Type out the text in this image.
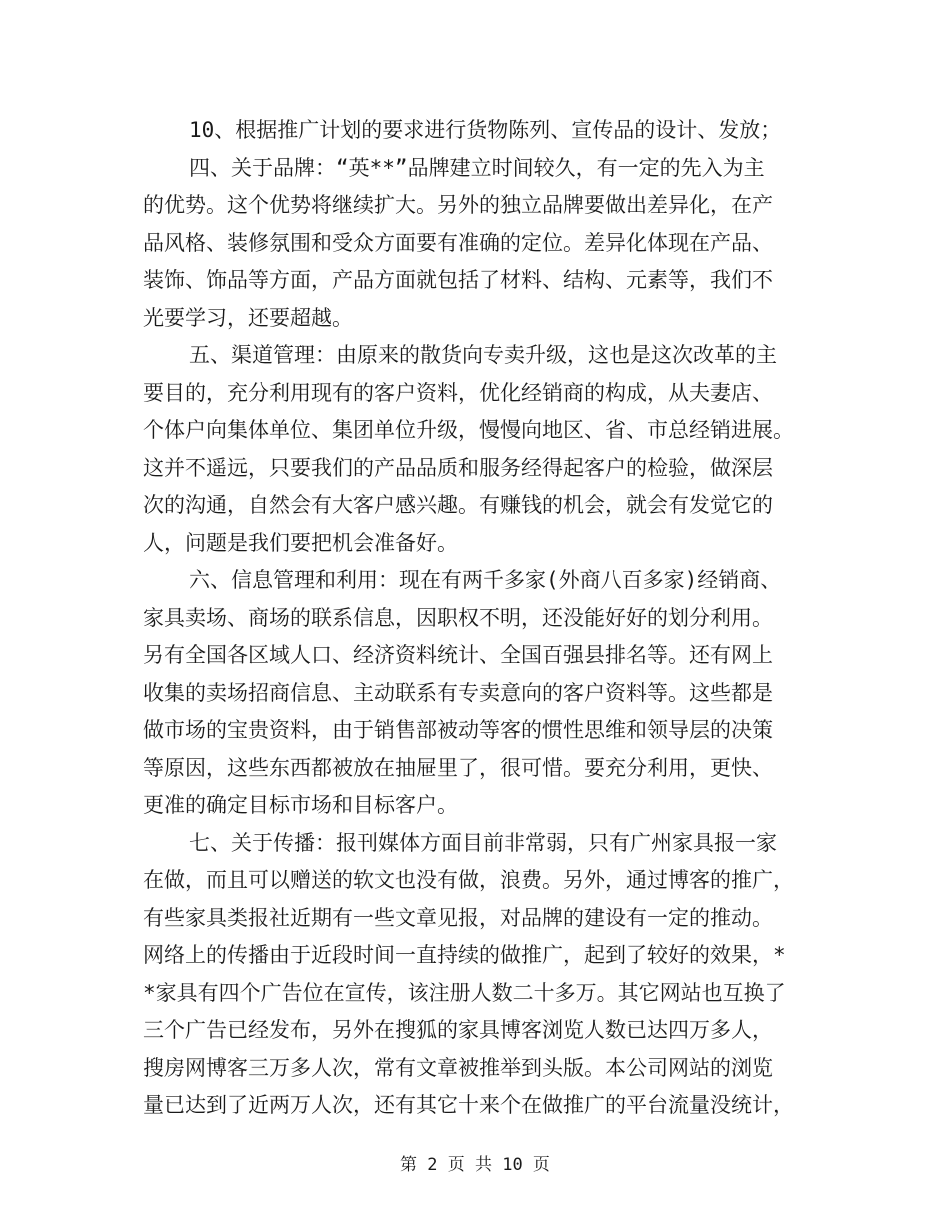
10、根据推广计划的要求进行货物陈列、宣传品的设计、发放；
四、关于品牌：“英**”品牌建立时间较久，有一定的先入为主
的优势。这个优势将继续扩大。另外的独立品牌要做出差异化，在产
品风格、装修氛围和受众方面要有准确的定位。差异化体现在产品、
装饰、饰品等方面，产品方面就包括了材料、结构、元素等，我们不
光要学习，还要超越。
五、渠道管理：由原来的散货向专卖升级，这也是这次改革的主
要目的，充分利用现有的客户资料，优化经销商的构成，从夫妻店、
个体户向集体单位、集团单位升级，慢慢向地区、省、市总经销进展。
这并不遥远，只要我们的产品品质和服务经得起客户的检验，做深层
次的沟通，自然会有大客户感兴趣。有赚钱的机会，就会有发觉它的
人，问题是我们要把机会准备好。
六、信息管理和利用：现在有两千多家(外商八百多家)经销商、
家具卖场、商场的联系信息，因职权不明，还没能好好的划分利用。
另有全国各区域人口、经济资料统计、全国百强县排名等。还有网上
收集的卖场招商信息、主动联系有专卖意向的客户资料等。这些都是
做市场的宝贵资料，由于销售部被动等客的惯性思维和领导层的决策
等原因，这些东西都被放在抽屉里了，很可惜。要充分利用，更快、
更准的确定目标市场和目标客户。
七、关于传播：报刊媒体方面目前非常弱，只有广州家具报一家
在做，而且可以赠送的软文也没有做，浪费。另外，通过博客的推广，
有些家具类报社近期有一些文章见报，对品牌的建设有一定的推动。
网络上的传播由于近段时间一直持续的做推广，起到了较好的效果，*
*家具有四个广告位在宣传，该注册人数二十多万。其它网站也互换了
三个广告已经发布，另外在搜狐的家具博客浏览人数已达四万多人，
搜房网博客三万多人次，常有文章被推举到头版。本公司网站的浏览
量已达到了近两万人次，还有其它十来个在做推广的平台流量没统计，
第 2 页 共 10 页
